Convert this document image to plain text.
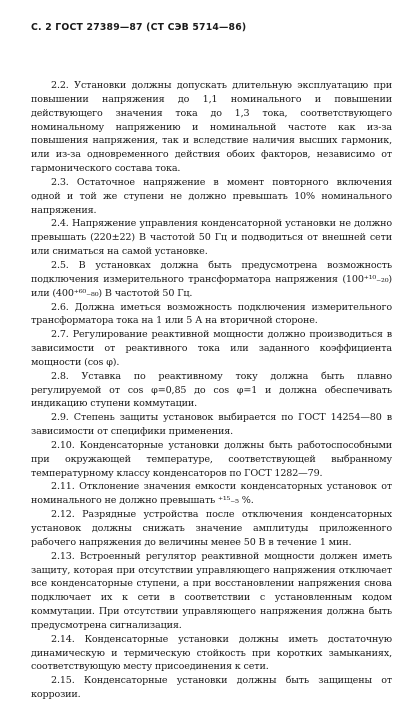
С. 2 ГОСТ 27389—87 (СТ СЭВ 5714—86)

2.2. Установки должны допускать длительную эксплуатацию при повышении напряжения до 1,1 номинального и повышении действующего значения тока до 1,3 тока, соответствующего номинальному напряжению и номинальной частоте как из-за повышения напряжения, так и вследствие наличия высших гармоник, или из-за одновременного действия обоих факторов, независимо от гармонического состава тока.

2.3. Остаточное напряжение в момент повторного включения одной и той же ступени не должно превышать 10% номинального напряжения.

2.4. Напряжение управления конденсаторной установки не должно превышать (220±22) В частотой 50 Гц и подводиться от внешней сети или сниматься на самой установке.

2.5. В установках должна быть предусмотрена возможность подключения измерительного трансформатора напряжения (100⁺¹⁰₋₂₀) или (400⁺⁶⁰₋₈₀) В частотой 50 Гц.

2.6. Должна иметься возможность подключения измерительного трансформатора тока на 1 или 5 А на вторичной стороне.

2.7. Регулирование реактивной мощности должно производиться в зависимости от реактивного тока или заданного коэффициента мощности (cos φ).

2.8. Уставка по реактивному току должна быть плавно регулируемой от cos φ=0,85 до cos φ=1 и должна обеспечивать индикацию ступени коммутации.

2.9. Степень защиты установок выбирается по ГОСТ 14254—80 в зависимости от специфики применения.

2.10. Конденсаторные установки должны быть работоспособными при окружающей температуре, соответствующей выбранному температурному классу конденсаторов по ГОСТ 1282—79.

2.11. Отклонение значения емкости конденсаторных установок от номинального не должно превышать ⁺¹⁵₋₅ %.

2.12. Разрядные устройства после отключения конденсаторных установок должны снижать значение амплитуды приложенного рабочего напряжения до величины менее 50 В в течение 1 мин.

2.13. Встроенный регулятор реактивной мощности должен иметь защиту, которая при отсутствии управляющего напряжения отключает все конденсаторные ступени, а при восстановлении напряжения снова подключает их к сети в соответствии с установленным кодом коммутации. При отсутствии управляющего напряжения должна быть предусмотрена сигнализация.

2.14. Конденсаторные установки должны иметь достаточную динамическую и термическую стойкость при коротких замыканиях, соответствующую месту присоединения к сети.

2.15. Конденсаторные установки должны быть защищены от коррозии.
